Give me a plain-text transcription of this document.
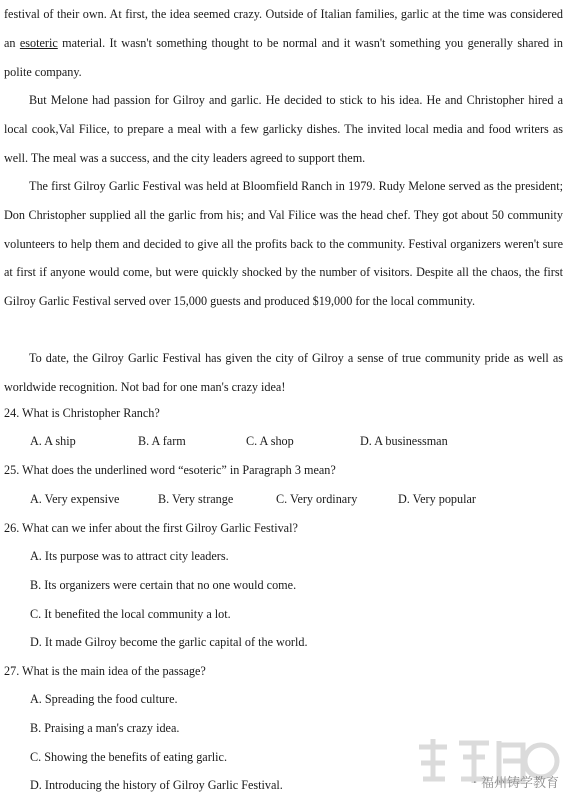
festival of their own. At first, the idea seemed crazy. Outside of Italian families, garlic at the time was considered an esoteric material. It wasn't something thought to be normal and it wasn't something you generally shared in polite company.

But Melone had passion for Gilroy and garlic. He decided to stick to his idea. He and Christopher hired a local cook,Val Filice, to prepare a meal with a few garlicky dishes. The invited local media and food writers as well. The meal was a success, and the city leaders agreed to support them.

The first Gilroy Garlic Festival was held at Bloomfield Ranch in 1979. Rudy Melone served as the president; Don Christopher supplied all the garlic from his; and Val Filice was the head chef. They got about 50 community volunteers to help them and decided to give all the profits back to the community. Festival organizers weren't sure at first if anyone would come, but were quickly shocked by the number of visitors. Despite all the chaos, the first Gilroy Garlic Festival served over 15,000 guests and produced $19,000 for the local community.

To date, the Gilroy Garlic Festival has given the city of Gilroy a sense of true community pride as well as worldwide recognition. Not bad for one man's crazy idea!

24. What is Christopher Ranch?

A. A ship	B. A farm	C. A shop	D. A businessman

25. What does the underlined word “esoteric” in Paragraph 3 mean?

A. Very expensive	B. Very strange	C. Very ordinary	D. Very popular

26. What can we infer about the first Gilroy Garlic Festival?

A. Its purpose was to attract city leaders.

B. Its organizers were certain that no one would come.

C. It benefited the local community a lot.

D. It made Gilroy become the garlic capital of the world.

27. What is the main idea of the passage?

A. Spreading the food culture.

B. Praising a man's crazy idea.

C. Showing the benefits of eating garlic.

D. Introducing the history of Gilroy Garlic Festival.	· 福州铸学教育
